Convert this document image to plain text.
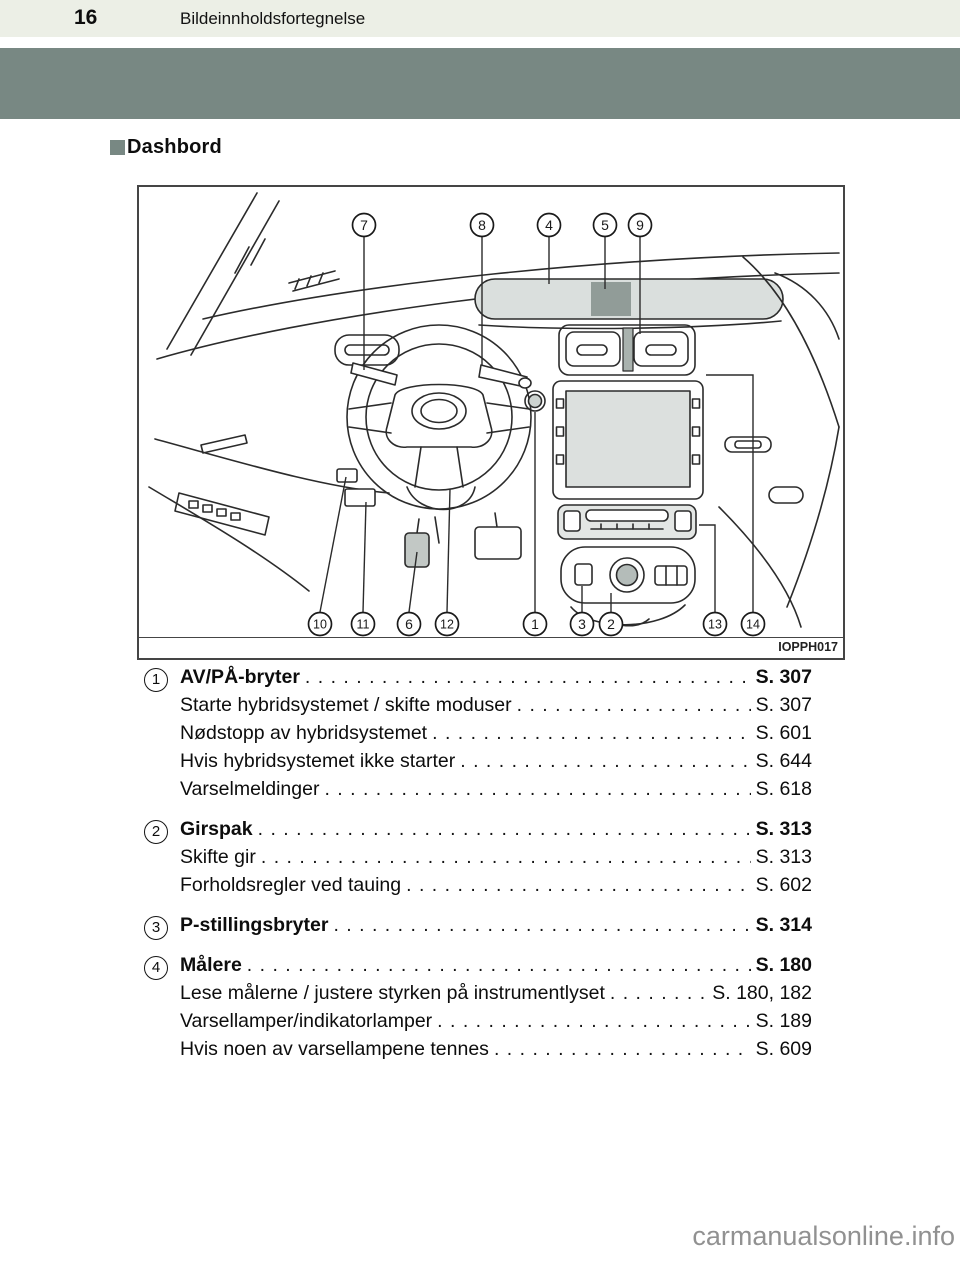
16	Bildeinnholdsfortegnelse
Dashbord
7	8	4	5 9
10 11	6 12	1	3 2	13 14
IOPPH017
1	AV/PÅ-bryter . . .	S. 307
Starte hybridsystemet / skifte moduser . . .	S. 307
Nødstopp av hybridsystemet . . .	S. 601
Hvis hybridsystemet ikke starter . . .	S. 644
Varselmeldinger . . .	S. 618
2	Girspak . . .	S. 313
Skifte gir . . .	S. 313
Forholdsregler ved tauing . . .	S. 602
3	P-stillingsbryter . . .	S. 314
4	Målere . . .	S. 180
Lese målerne / justere styrken på instrumentlyset . . .	S. 180, 182
Varsellamper/indikatorlamper . . .	S. 189
Hvis noen av varsellampene tennes . . .	S. 609
carmanualsonline.info
